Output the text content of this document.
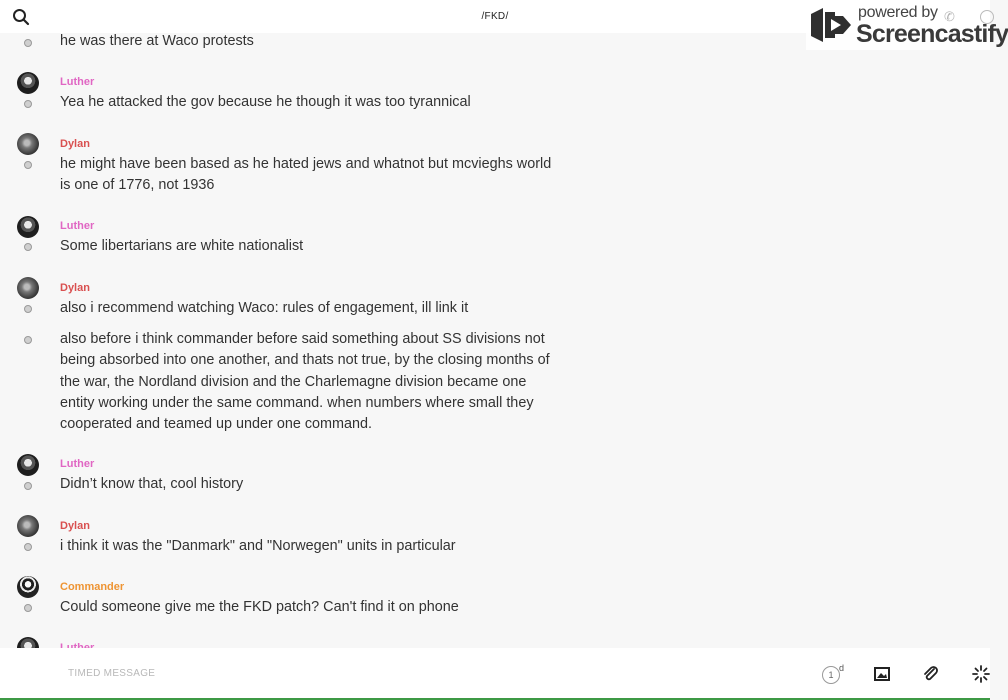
/FKD/
he was there at Waco protests
Luther
Yea he attacked the gov because he though it was too tyrannical
Dylan
he might have been based as he hated jews and whatnot but mcvieghs world is one of 1776, not 1936
Luther
Some libertarians are white nationalist
Dylan
also i recommend watching Waco: rules of engagement, ill link it
also before i think commander before said something about SS divisions not being absorbed into one another, and thats not true, by the closing months of the war, the Nordland division and the Charlemagne division became one entity working under the same command. when numbers where small they cooperated and teamed up under one command.
Luther
Didn’t know that, cool history
Dylan
i think it was the "Danmark" and "Norwegen" units in particular
Commander
Could someone give me the FKD patch? Can't find it on phone
powered by
Screencastify
✆
TIMED MESSAGE	1
d
